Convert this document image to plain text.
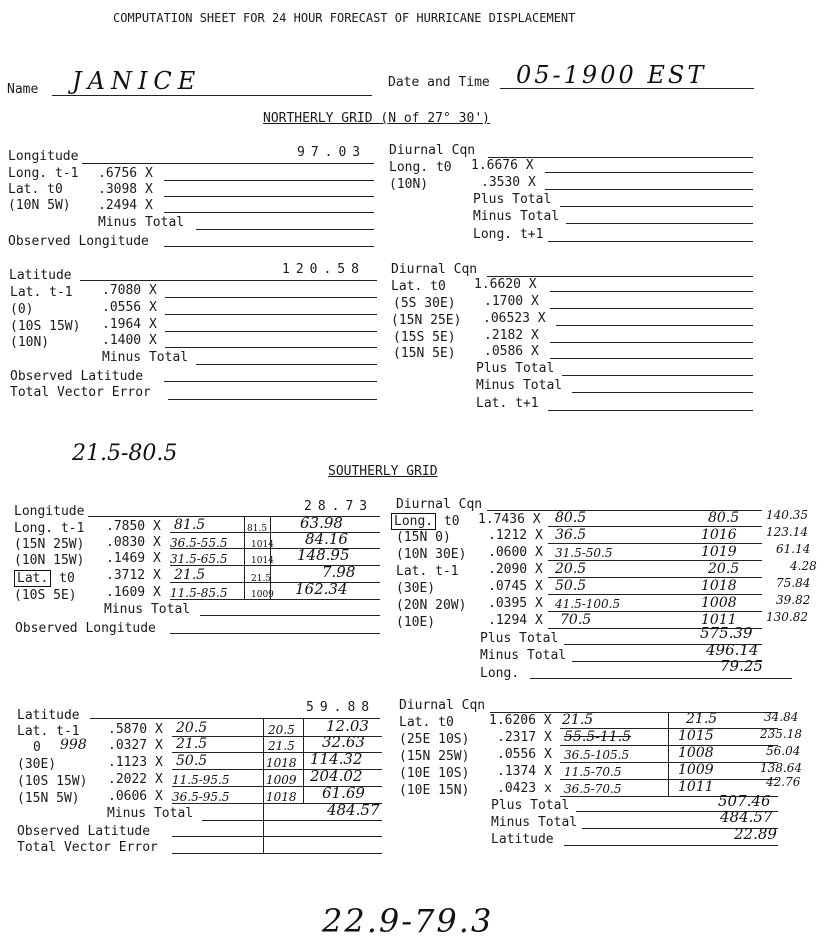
COMPUTATION SHEET FOR 24 HOUR FORECAST OF HURRICANE DISPLACEMENT
Name JANICE	Date and Time 05-1900 EST
NORTHERLY GRID (N of 27° 30')
Longitude	97.03
Long. t-1 .6756 X
Lat. t0	.3098 X
(10N 5W) .2494 X
Minus Total
Observed Longitude
Diurnal Cqn
Long. t0 1.6676 X
(10N)	.3530 X
Plus Total
Minus Total
Long. t+1
Latitude	120.58
Lat. t-1 .7080 X
(0)	.0556 X
(10S 15W) .1964 X
(10N)	.1400 X
Minus Total
Observed Latitude
Total Vector Error
Diurnal Cqn
Lat. t0 1.6620 X
(5S 30E) .1700 X
(15N 25E) .06523 X
(15S 5E) .2182 X
(15N 5E) .0586 X
Plus Total
Minus Total
Lat. t+1
21.5-80.5
SOUTHERLY GRID
Longitude	28.73
Long. t-1 .7850 X 81.5	81.5 63.98
(15N 25W) .0830 X 36.5-55.5	1014 84.16
(10N 15W) .1469 X 31.5-65.5	1014 148.95
Lat. t0 .3712 X 21.5	21.5	7.98
(10S 5E) .1609 X 11.5-85.5	1009 162.34
Minus Total
Observed Longitude
Diurnal Cqn
Long. t0 1.7436 X 80.5	80.5 140.35
(15N 0)	.1212 X 36.5	1016 123.14
(10N 30E) .0600 X 31.5-50.5	1019	61.14
Lat. t-1 .2090 X 20.5	20.5	4.28
(30E)	.0745 X 50.5	1018	75.84
(20N 20W) .0395 X 41.5-100.5	1008	39.82
(10E)	.1294 X 70.5	1011 130.82
Plus Total	575.39
Minus Total	496.14
Long.	79.25
Latitude
59.88
Lat. t-1 .5870 X 20.5	20.5 12.03
0 998 .0327 X 21.5	21.5 32.63
(30E)	.1123 X 50.5	1018 114.32
(10S 15W) .2022 X 11.5-95.5	1009 204.02
(15N 5W) .0606 X 36.5-95.5	1018 61.69
Minus Total	484.57
Observed Latitude
Total Vector Error
Diurnal Cqn
Lat. t0	1.6206 X 21.5	21.5	34.84
(25E 10S) .2317 X 55.5-11.5	1015	235.18
(15N 25W) .0556 X 36.5-105.5	1008	56.04
(10E 10S) .1374 X 11.5-70.5	1009	138.64
(10E 15N) .0423 x 36.5-70.5	1011	42.76
Plus Total	507.46
Minus Total	484.57
Latitude	22.89
22.9-79.3
